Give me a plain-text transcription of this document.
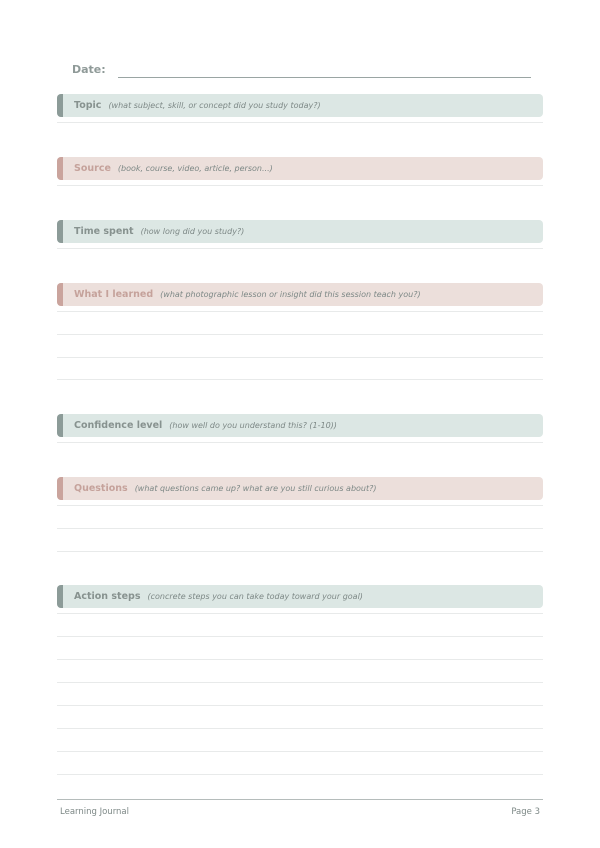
Date:
Topic (what subject, skill, or concept did you study today?)
Source (book, course, video, article, person...)
Time spent (how long did you study?)
What I learned (what photographic lesson or insight did this session teach you?)
Confidence level (how well do you understand this? (1-10))
Questions (what questions came up? what are you still curious about?)
Action steps (concrete steps you can take today toward your goal)
Learning Journal	Page 3
